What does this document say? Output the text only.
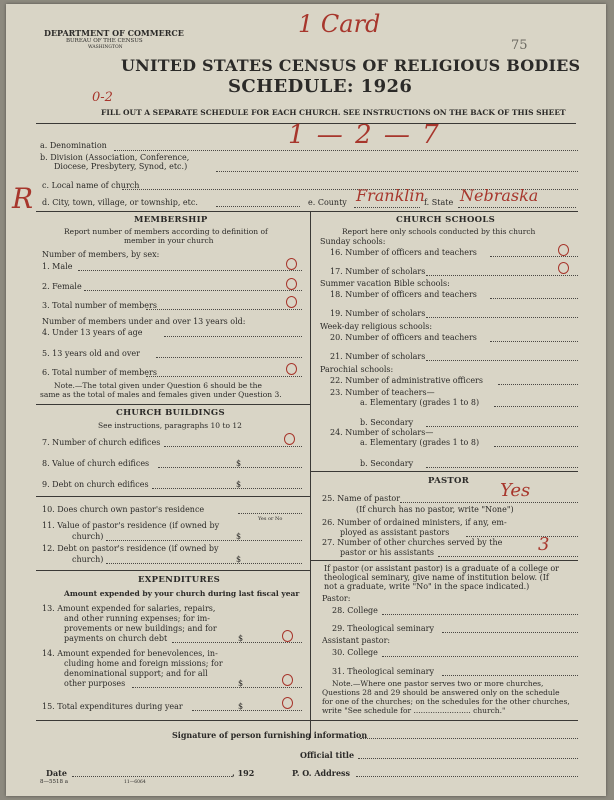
DEPARTMENT OF COMMERCE
BUREAU OF THE CENSUS
WASHINGTON
1 Card
75
UNITED STATES CENSUS OF RELIGIOUS BODIES
0-2
SCHEDULE: 1926
FILL OUT A SEPARATE SCHEDULE FOR EACH CHURCH. SEE INSTRUCTIONS ON THE BACK OF THIS SHEET
a. Denomination	1 — 2 — 7
b. Division (Association, Conference,
Diocese, Presbytery, Synod, etc.)
R c. Local name of church
d. City, town, village, or township, etc.	e. County Franklin f. State Nebraska
MEMBERSHIP
Report number of members according to definition of
member in your church
Number of members, by sex:
1. Male
2. Female
3. Total number of members
Number of members under and over 13 years old:
4. Under 13 years of age
5. 13 years old and over
6. Total number of members
Note.—The total given under Question 6 should be the
same as the total of males and females given under Question 3.
CHURCH BUILDINGS
See instructions, paragraphs 10 to 12
7. Number of church edifices
8. Value of church edifices	$
9. Debt on church edifices	$
10. Does church own pastor's residence
Yes or No
11. Value of pastor's residence (if owned by
church)	$
12. Debt on pastor's residence (if owned by
church)	$
EXPENDITURES
Amount expended by your church during last fiscal year
13. Amount expended for salaries, repairs,
and other running expenses; for im-
provements or new buildings; and for
payments on church debt	$
14. Amount expended for benevolences, in-
cluding home and foreign missions; for
denominational support; and for all
other purposes	$
15. Total expenditures during year	$
CHURCH SCHOOLS
Report here only schools conducted by this church
Sunday schools:
16. Number of officers and teachers
17. Number of scholars
Summer vacation Bible schools:
18. Number of officers and teachers
19. Number of scholars
Week-day religious schools:
20. Number of officers and teachers
21. Number of scholars
Parochial schools:
22. Number of administrative officers
23. Number of teachers—
a. Elementary (grades 1 to 8)
b. Secondary
24. Number of scholars—
a. Elementary (grades 1 to 8)
b. Secondary
PASTOR
25. Name of pastor	Yes
(If church has no pastor, write "None")
26. Number of ordained ministers, if any, em-
ployed as assistant pastors
27. Number of other churches served by the
pastor or his assistants	3
If pastor (or assistant pastor) is a graduate of a college or
theological seminary, give name of institution below. (If
not a graduate, write "No" in the space indicated.)
Pastor:
28. College
29. Theological seminary
Assistant pastor:
30. College
31. Theological seminary
Note.—Where one pastor serves two or more churches,
Questions 28 and 29 should be answered only on the schedule
for one of the churches; on the schedules for the other churches,
write "See schedule for ........................ church."
Signature of person furnishing information
Official title
Date	, 192	P. O. Address
8—5518 a	11—6064
